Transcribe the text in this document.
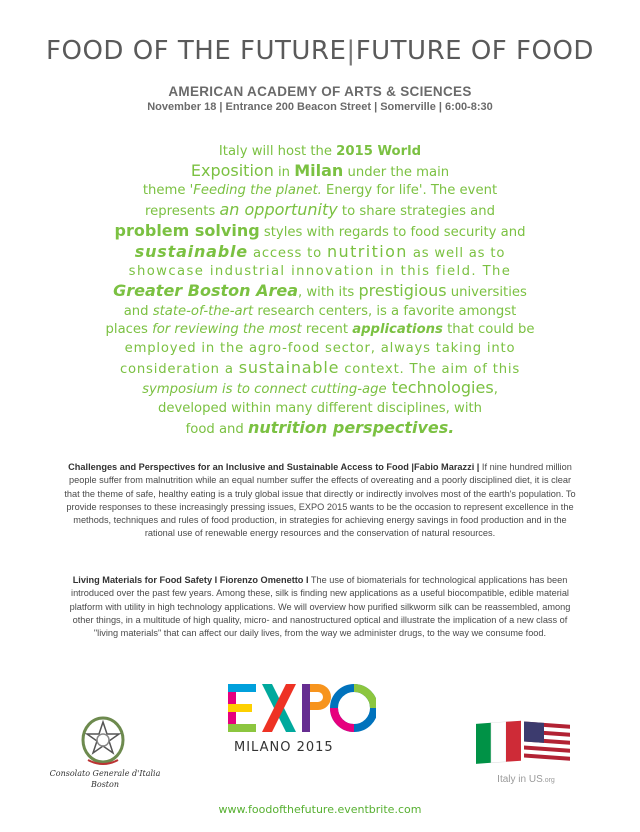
FOOD OF THE FUTURE|FUTURE OF FOOD
AMERICAN ACADEMY OF ARTS & SCIENCES
November 18 | Entrance 200 Beacon Street | Somerville | 6:00-8:30
Italy will host the 2015 World
Exposition in Milan under the main
theme 'Feeding the planet. Energy for life'. The event
represents an opportunity to share strategies and
problem solving styles with regards to food security and
sustainable access to nutrition as well as to
showcase industrial innovation in this field. The
Greater Boston Area, with its prestigious universities
and state-of-the-art research centers, is a favorite amongst
places for reviewing the most recent applications that could be
employed in the agro-food sector, always taking into
consideration a sustainable context. The aim of this
symposium is to connect cutting-age technologies,
developed within many different disciplines, with
food and nutrition perspectives.
Challenges and Perspectives for an Inclusive and Sustainable Access to Food |Fabio Marazzi | If nine hundred million people suffer from malnutrition while an equal number suffer the effects of overeating and a poorly disciplined diet, it is clear that the theme of safe, healthy eating is a truly global issue that directly or indirectly involves most of the earth's population. To provide responses to these increasingly pressing issues, EXPO 2015 wants to be the occasion to represent excellence in the methods, techniques and rules of food production, in strategies for achieving energy savings in food production and in the rational use of renewable energy resources and the conservation of natural resources.
Living Materials for Food Safety I Fiorenzo Omenetto I The use of biomaterials for technological applications has been introduced over the past few years. Among these, silk is finding new applications as a useful biocompatible, edible material platform with utility in high technology applications. We will overview how purified silkworm silk can be reassembled, among other things, in a multitude of high quality, micro- and nanostructured optical and illustrate the implication of a new class of "living materials" that can affect our daily lives, from the way we administer drugs, to the way we consume food.
Consolato Generale d'Italia
Boston
EXPO
MILANO 2015
Italy in US.org
www.foodofthefuture.eventbrite.com
